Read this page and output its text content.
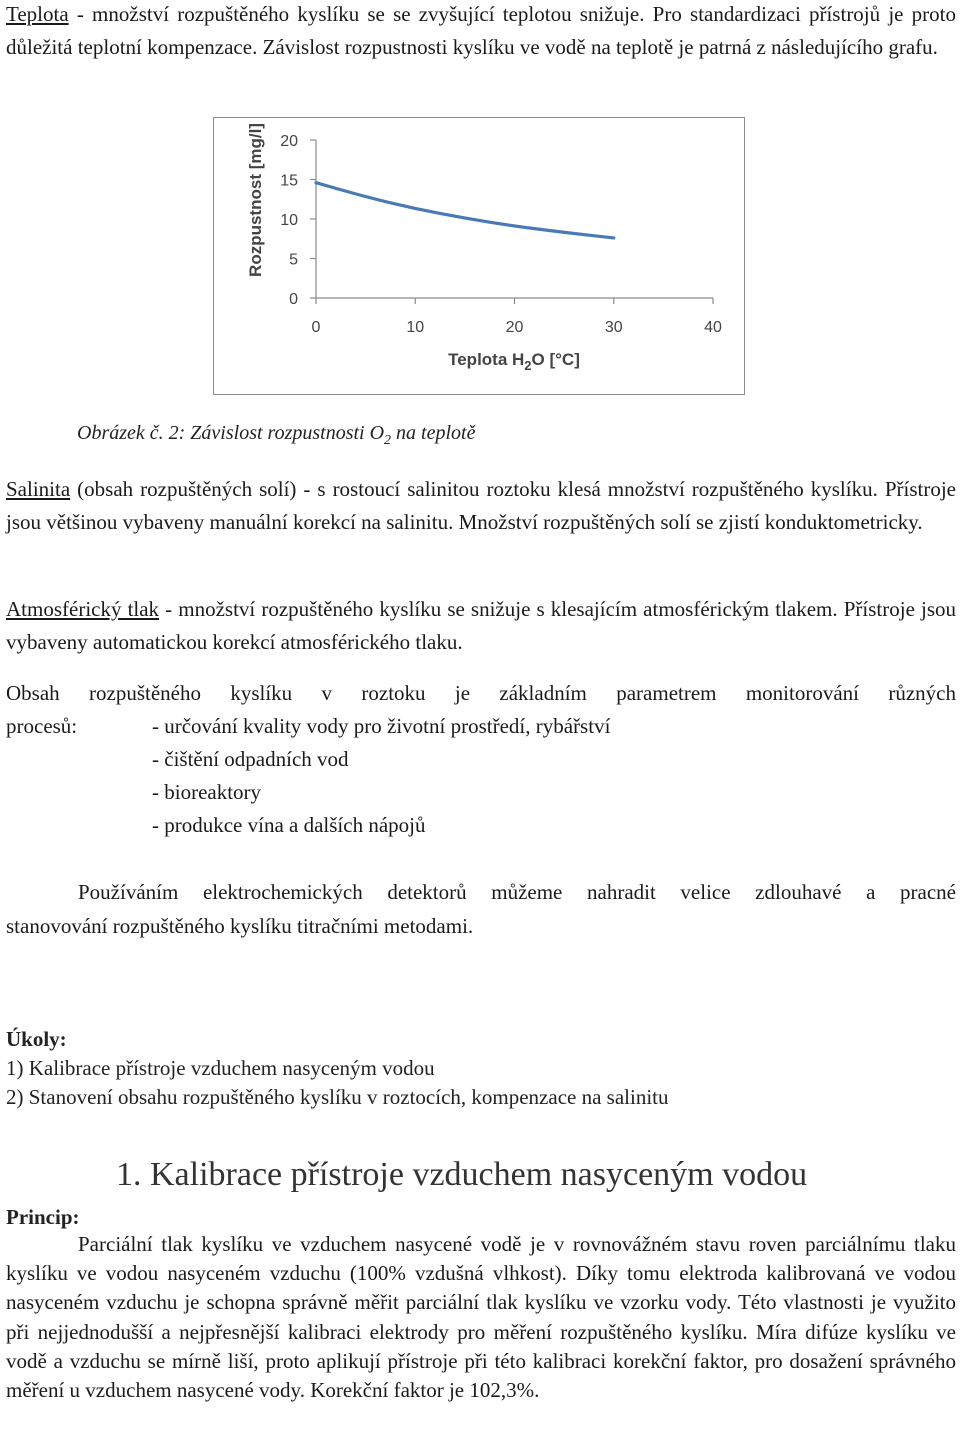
Teplota - množství rozpuštěného kyslíku se se zvyšující teplotou snižuje. Pro standardizaci přístrojů je proto důležitá teplotní kompenzace. Závislost rozpustnosti kyslíku ve vodě na teplotě je patrná z následujícího grafu.

Rozpustnost [mg/l]
Teplota $H_2O$ [°C]
20
15
10
5
0
0	10	20	30	40
Obrázek č. 2: Závislost rozpustnosti $O_2$ na teplotě

Salinita (obsah rozpuštěných solí) - s rostoucí salinitou roztoku klesá množství rozpuštěného kyslíku. Přístroje jsou většinou vybaveny manuální korekcí na salinitu. Množství rozpuštěných solí se zjistí konduktometricky.

Atmosférický tlak - množství rozpuštěného kyslíku se snižuje s klesajícím atmosférickým tlakem. Přístroje jsou vybaveny automatickou korekcí atmosférického tlaku.

Obsah rozpuštěného kyslíku v roztoku je základním parametrem monitorování různých
procesů:	- určování kvality vody pro životní prostředí, rybářství
- čištění odpadních vod
- bioreaktory
- produkce vína a dalších nápojů
Používáním elektrochemických detektorů můžeme nahradit velice zdlouhavé a pracné
stanovování rozpuštěného kyslíku titračními metodami.
Úkoly:
1) Kalibrace přístroje vzduchem nasyceným vodou
2) Stanovení obsahu rozpuštěného kyslíku v roztocích, kompenzace na salinitu
1. Kalibrace přístroje vzduchem nasyceným vodou
Princip:
Parciální tlak kyslíku ve vzduchem nasycené vodě je v rovnovážném stavu roven parciálnímu tlaku kyslíku ve vodou nasyceném vzduchu (100% vzdušná vlhkost). Díky tomu elektroda kalibrovaná ve vodou nasyceném vzduchu je schopna správně měřit parciální tlak kyslíku ve vzorku vody. Této vlastnosti je využito při nejjednodušší a nejpřesnější kalibraci elektrody pro měření rozpuštěného kyslíku. Míra difúze kyslíku ve vodě a vzduchu se mírně liší, proto aplikují přístroje při této kalibraci korekční faktor, pro dosažení správného měření u vzduchem nasycené vody. Korekční faktor je 102,3%.
